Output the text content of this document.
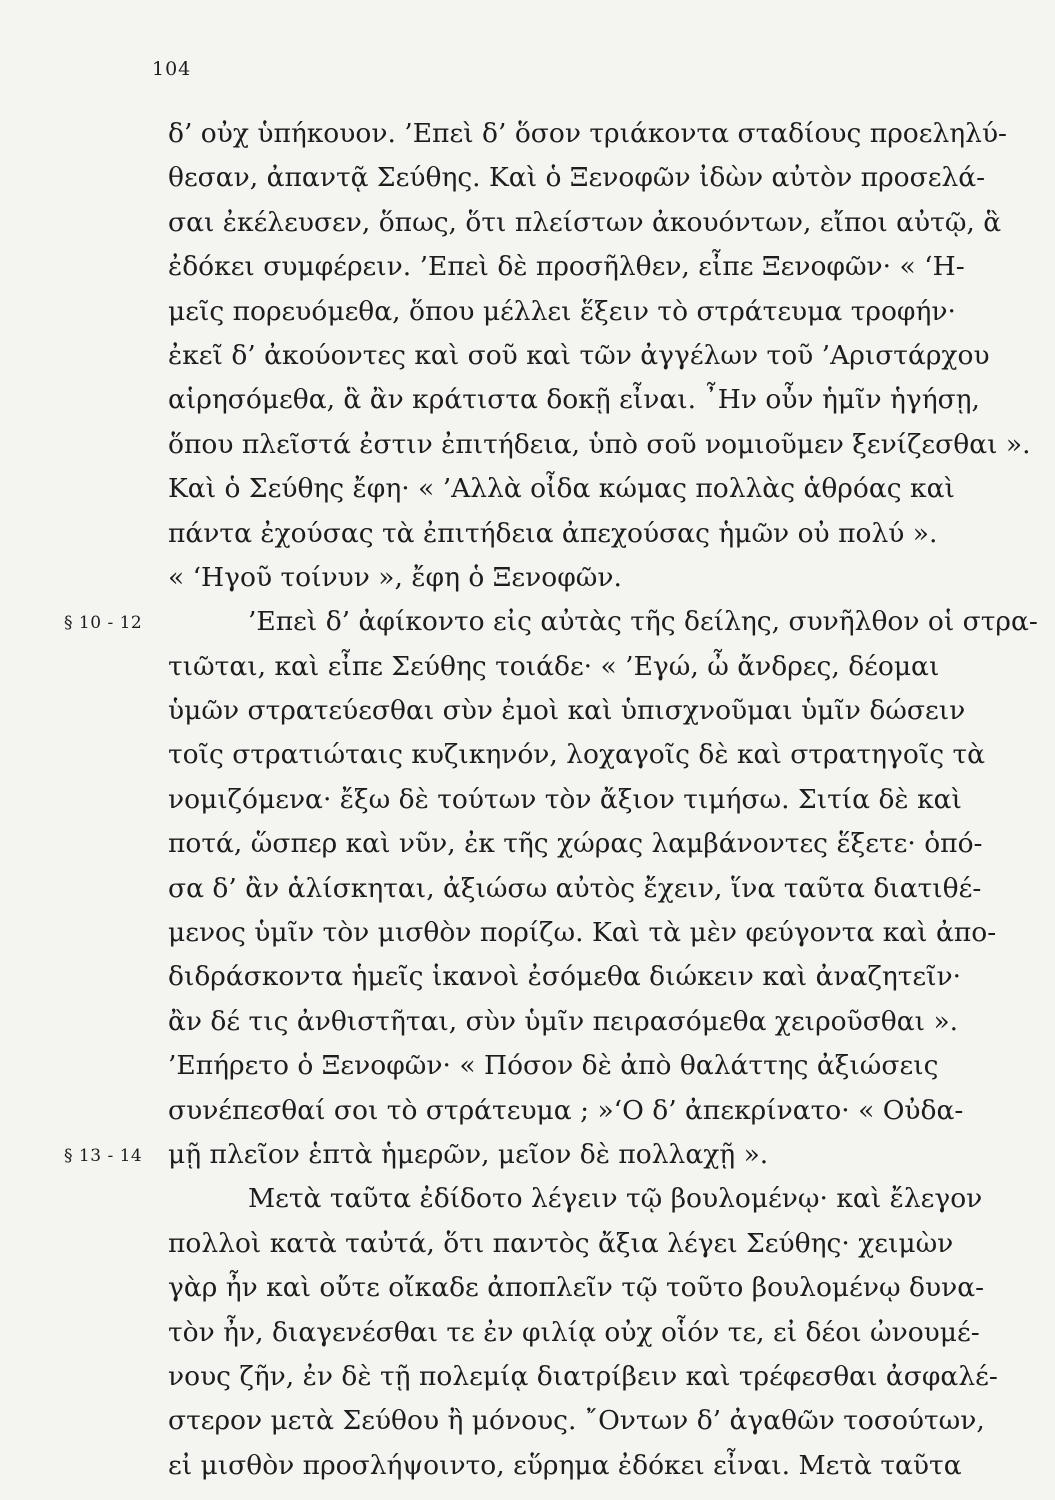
104
δ’ οὐχ ὑπήκουον. ’Επεὶ δ’ ὅσον τριάκοντα σταδίους προεληλύ-
θεσαν, ἀπαντᾷ Σεύθης. Καὶ ὁ Ξενοφῶν ἰδὼν αὐτὸν προσελά-
σαι ἐκέλευσεν, ὅπως, ὅτι πλείστων ἀκουόντων, εἴποι αὐτῷ, ἃ
ἐδόκει συμφέρειν. ’Επεὶ δὲ προσῆλθεν, εἶπε Ξενοφῶν· « ‘Η-
μεῖς πορευόμεθα, ὅπου μέλλει ἕξειν τὸ στράτευμα τροφήν·
ἐκεῖ δ’ ἀκούοντες καὶ σοῦ καὶ τῶν ἀγγέλων τοῦ ’Αριστάρχου
αἱρησόμεθα, ἃ ἂν κράτιστα δοκῇ εἶναι. ῏Ην οὖν ἡμῖν ἡγήσῃ,
ὅπου πλεῖστά ἐστιν ἐπιτήδεια, ὑπὸ σοῦ νομιοῦμεν ξενίζεσθαι ».
Καὶ ὁ Σεύθης ἔφη· « ’Αλλὰ οἶδα κώμας πολλὰς ἁθρόας καὶ
πάντα ἐχούσας τὰ ἐπιτήδεια ἀπεχούσας ἡμῶν οὐ πολύ ».
« ‘Ηγοῦ τοίνυν », ἔφη ὁ Ξενοφῶν.
’Επεὶ δ’ ἀφίκοντο εἰς αὐτὰς τῆς δείλης, συνῆλθον οἱ στρα-
τιῶται, καὶ εἶπε Σεύθης τοιάδε· « ’Εγώ, ὦ ἄνδρες, δέομαι
ὑμῶν στρατεύεσθαι σὺν ἐμοὶ καὶ ὑπισχνοῦμαι ὑμῖν δώσειν
τοῖς στρατιώταις κυζικηνόν, λοχαγοῖς δὲ καὶ στρατηγοῖς τὰ
νομιζόμενα· ἔξω δὲ τούτων τὸν ἄξιον τιμήσω. Σιτία δὲ καὶ
ποτά, ὥσπερ καὶ νῦν, ἐκ τῆς χώρας λαμβάνοντες ἕξετε· ὁπό-
σα δ’ ἂν ἁλίσκηται, ἀξιώσω αὐτὸς ἔχειν, ἵνα ταῦτα διατιθέ-
μενος ὑμῖν τὸν μισθὸν πορίζω. Καὶ τὰ μὲν φεύγοντα καὶ ἀπο-
διδράσκοντα ἡμεῖς ἱκανοὶ ἐσόμεθα διώκειν καὶ ἀναζητεῖν·
ἂν δέ τις ἀνθιστῆται, σὺν ὑμῖν πειρασόμεθα χειροῦσθαι ».
’Επήρετο ὁ Ξενοφῶν· « Πόσον δὲ ἀπὸ θαλάττης ἀξιώσεις
συνέπεσθαί σοι τὸ στράτευμα ; »‘Ο δ’ ἀπεκρίνατο· « Οὐδα-
μῇ πλεῖον ἑπτὰ ἡμερῶν, μεῖον δὲ πολλαχῇ ».
Μετὰ ταῦτα ἐδίδοτο λέγειν τῷ βουλομένῳ· καὶ ἔλεγον
πολλοὶ κατὰ ταὐτά, ὅτι παντὸς ἄξια λέγει Σεύθης· χειμὼν
γὰρ ἦν καὶ οὔτε οἴκαδε ἀποπλεῖν τῷ τοῦτο βουλομένῳ δυνα-
τὸν ἦν, διαγενέσθαι τε ἐν φιλίᾳ οὐχ οἷόν τε, εἰ δέοι ὠνουμέ-
νους ζῆν, ἐν δὲ τῇ πολεμίᾳ διατρίβειν καὶ τρέφεσθαι ἀσφαλέ-
στερον μετὰ Σεύθου ἢ μόνους. ῎Οντων δ’ ἀγαθῶν τοσούτων,
εἰ μισθὸν προσλήψοιντο, εὕρημα ἐδόκει εἶναι. Μετὰ ταῦτα
§ 10 - 12
§ 13 - 14
